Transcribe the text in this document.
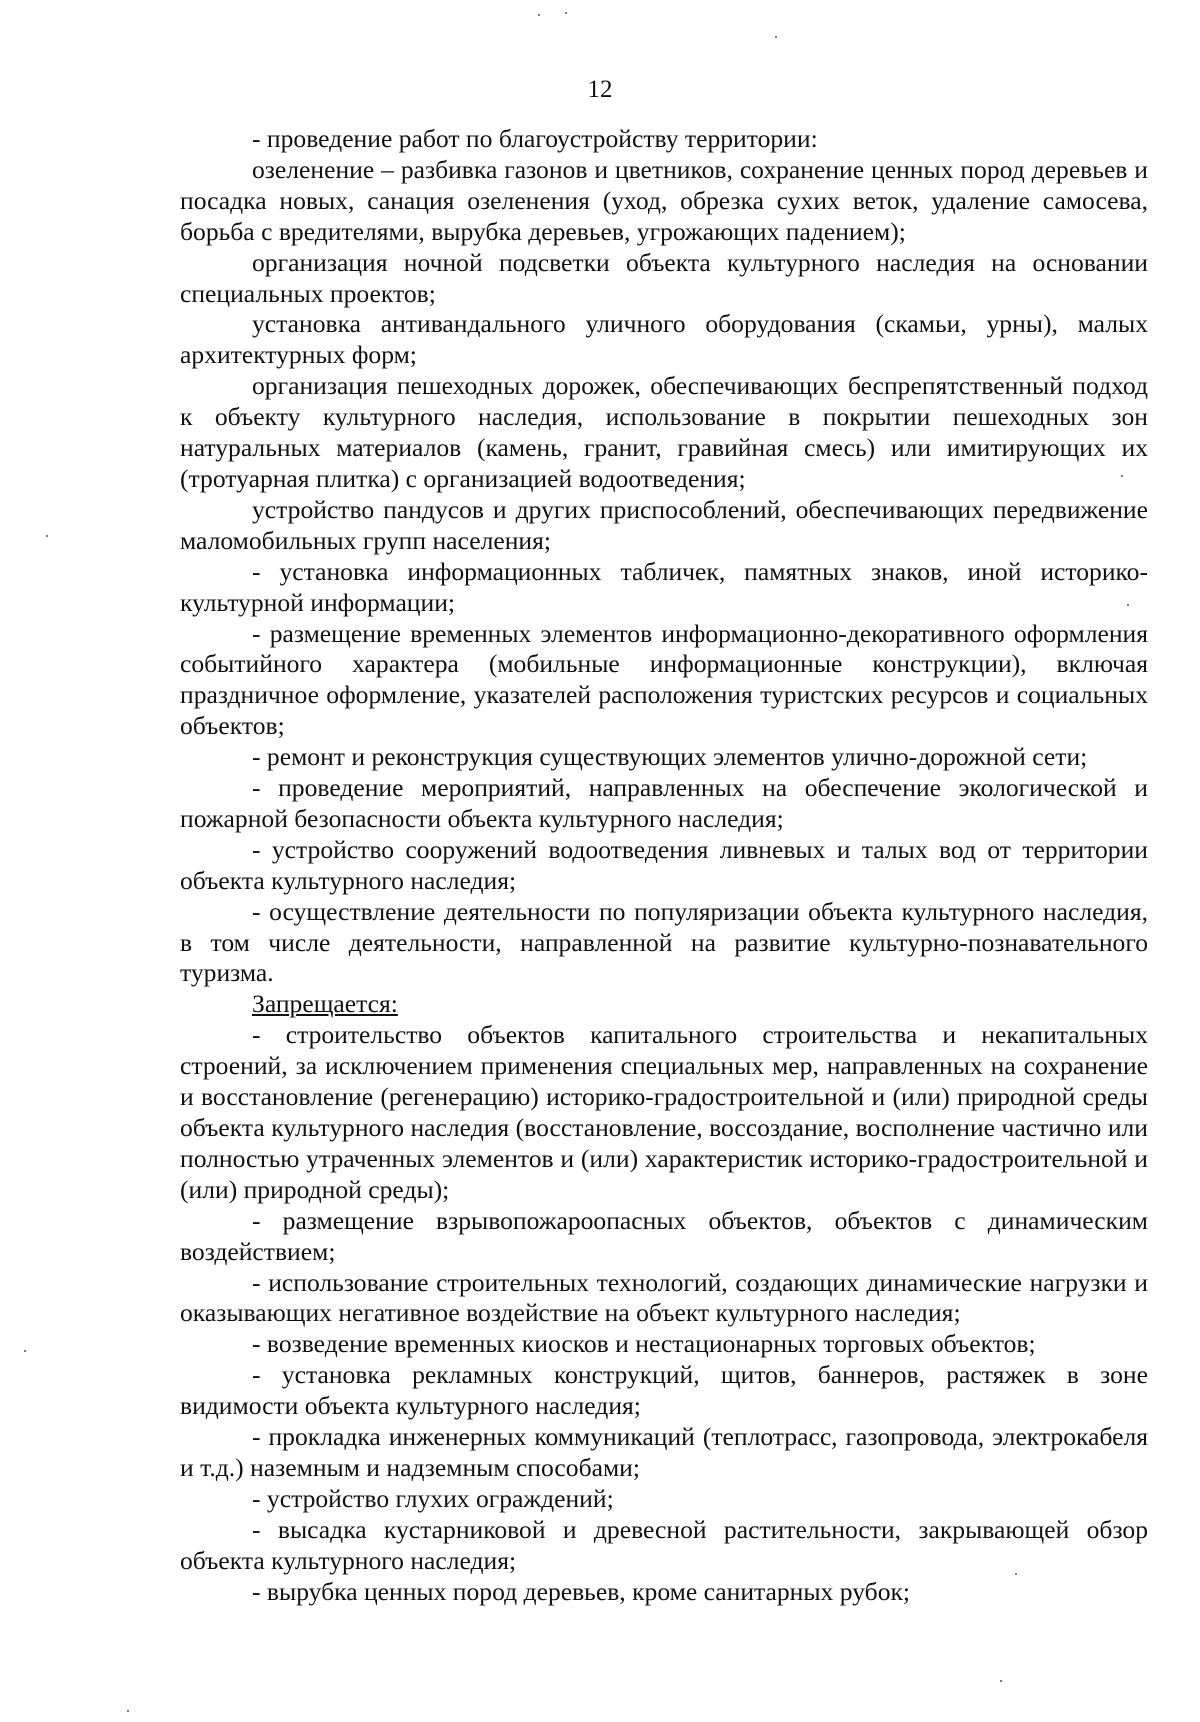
12

- проведение работ по благоустройству территории:

озеленение – разбивка газонов и цветников, сохранение ценных пород деревьев и посадка новых, санация озеленения (уход, обрезка сухих веток, удаление самосева, борьба с вредителями, вырубка деревьев, угрожающих падением);

организация ночной подсветки объекта культурного наследия на основании специальных проектов;

установка антивандального уличного оборудования (скамьи, урны), малых архитектурных форм;

организация пешеходных дорожек, обеспечивающих беспрепятственный подход к объекту культурного наследия, использование в покрытии пешеходных зон натуральных материалов (камень, гранит, гравийная смесь) или имитирующих их (тротуарная плитка) с организацией водоотведения;

устройство пандусов и других приспособлений, обеспечивающих передвижение маломобильных групп населения;

- установка информационных табличек, памятных знаков, иной историко-культурной информации;

- размещение временных элементов информационно-декоративного оформления событийного характера (мобильные информационные конструкции), включая праздничное оформление, указателей расположения туристских ресурсов и социальных объектов;

- ремонт и реконструкция существующих элементов улично-дорожной сети;

- проведение мероприятий, направленных на обеспечение экологической и пожарной безопасности объекта культурного наследия;

- устройство сооружений водоотведения ливневых и талых вод от территории объекта культурного наследия;

- осуществление деятельности по популяризации объекта культурного наследия, в том числе деятельности, направленной на развитие культурно-познавательного туризма.

Запрещается:

- строительство объектов капитального строительства и некапитальных строений, за исключением применения специальных мер, направленных на сохранение и восстановление (регенерацию) историко-градостроительной и (или) природной среды объекта культурного наследия (восстановление, воссоздание, восполнение частично или полностью утраченных элементов и (или) характеристик историко-градостроительной и (или) природной среды);

- размещение взрывопожароопасных объектов, объектов с динамическим воздействием;

- использование строительных технологий, создающих динамические нагрузки и оказывающих негативное воздействие на объект культурного наследия;

- возведение временных киосков и нестационарных торговых объектов;

- установка рекламных конструкций, щитов, баннеров, растяжек в зоне видимости объекта культурного наследия;

- прокладка инженерных коммуникаций (теплотрасс, газопровода, электрокабеля и т.д.) наземным и надземным способами;

- устройство глухих ограждений;

- высадка кустарниковой и древесной растительности, закрывающей обзор объекта культурного наследия;

- вырубка ценных пород деревьев, кроме санитарных рубок;
